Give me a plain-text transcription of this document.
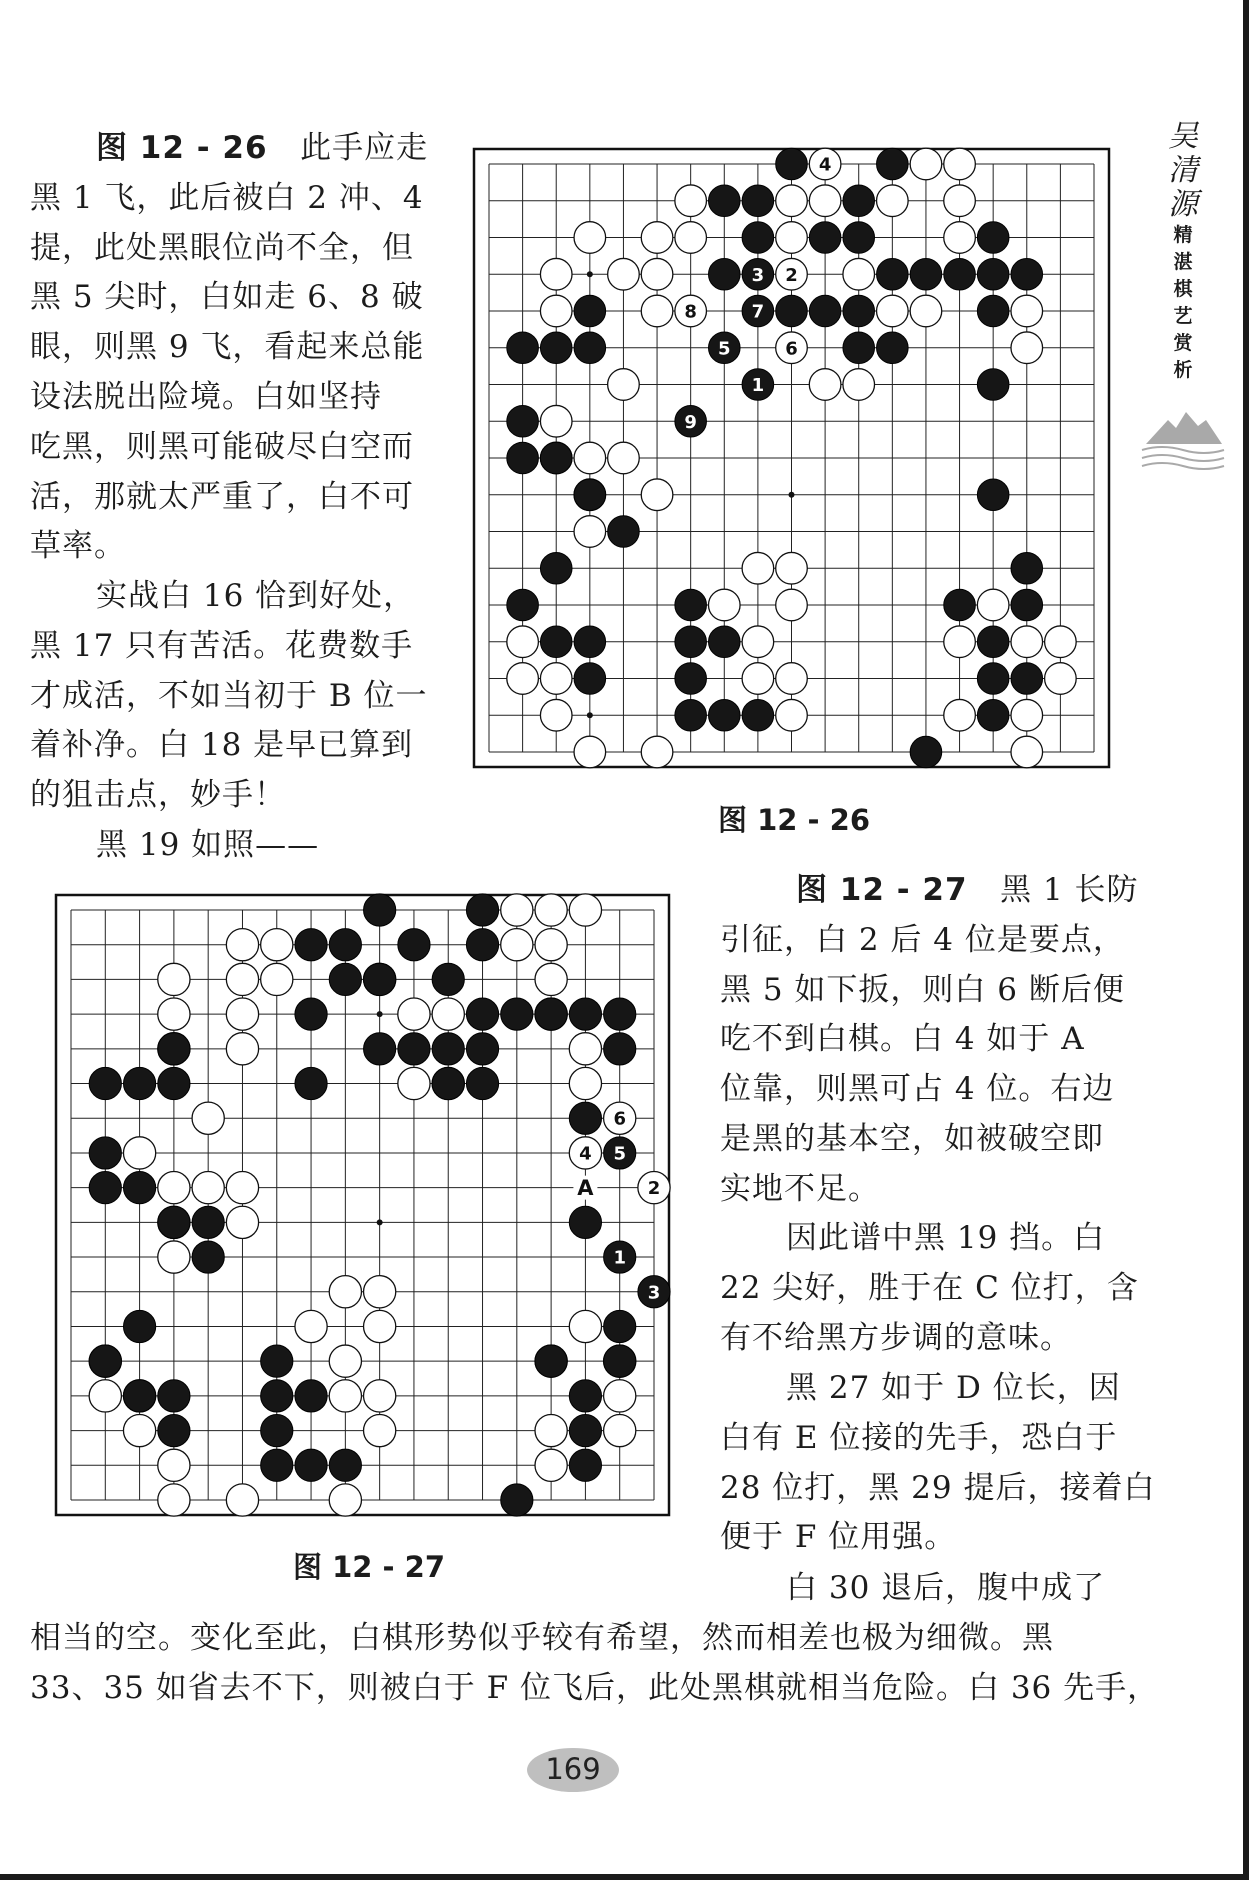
吴
清
源
精
湛
棋
艺
赏
析

图 12 - 26 此手应走
黑 1 飞，此后被白 2 冲、4
提，此处黑眼位尚不全，但
黑 5 尖时，白如走 6、8 破
眼，则黑 9 飞，看起来总能
设法脱出险境。白如坚持
吃黑，则黑可能破尽白空而
活，那就太严重了，白不可
草率。

实战白 16 恰到好处，
黑 17 只有苦活。花费数手
才成活，不如当初于 B 位一
着补净。白 18 是早已算到
的狙击点，妙手！
黑 19 如照——

4
3 2
7
8
5	6
1
9
图 12 - 26
6
4 5
2
1
3
A
图 12 - 27

图 12 - 27 黑 1 长防
引征，白 2 后 4 位是要点，
黑 5 如下扳，则白 6 断后便
吃不到白棋。白 4 如于 A
位靠，则黑可占 4 位。右边
是黑的基本空，如被破空即
实地不足。

因此谱中黑 19 挡。白
22 尖好，胜于在 C 位打，含
有不给黑方步调的意味。

黑 27 如于 D 位长，因
白有 E 位接的先手，恐白于
28 位打，黑 29 提后，接着白
便于 F 位用强。

白 30 退后，腹中成了

相当的空。变化至此，白棋形势似乎较有希望，然而相差也极为细微。黑
33、35 如省去不下，则被白于 F 位飞后，此处黑棋就相当危险。白 36 先手，

169
